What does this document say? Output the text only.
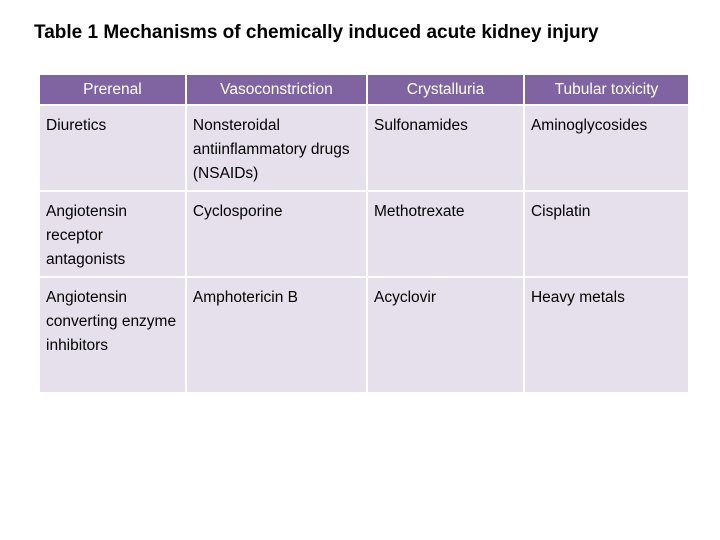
Table 1 Mechanisms of chemically induced acute kidney injury
Prerenal	Vasoconstriction	Crystalluria	Tubular toxicity
Diuretics	Nonsteroidal antiinflammatory drugs (NSAIDs)	Sulfonamides	Aminoglycosides
Angiotensin receptor antagonists	Cyclosporine	Methotrexate	Cisplatin
Angiotensin converting enzyme inhibitors	Amphotericin B	Acyclovir	Heavy metals
